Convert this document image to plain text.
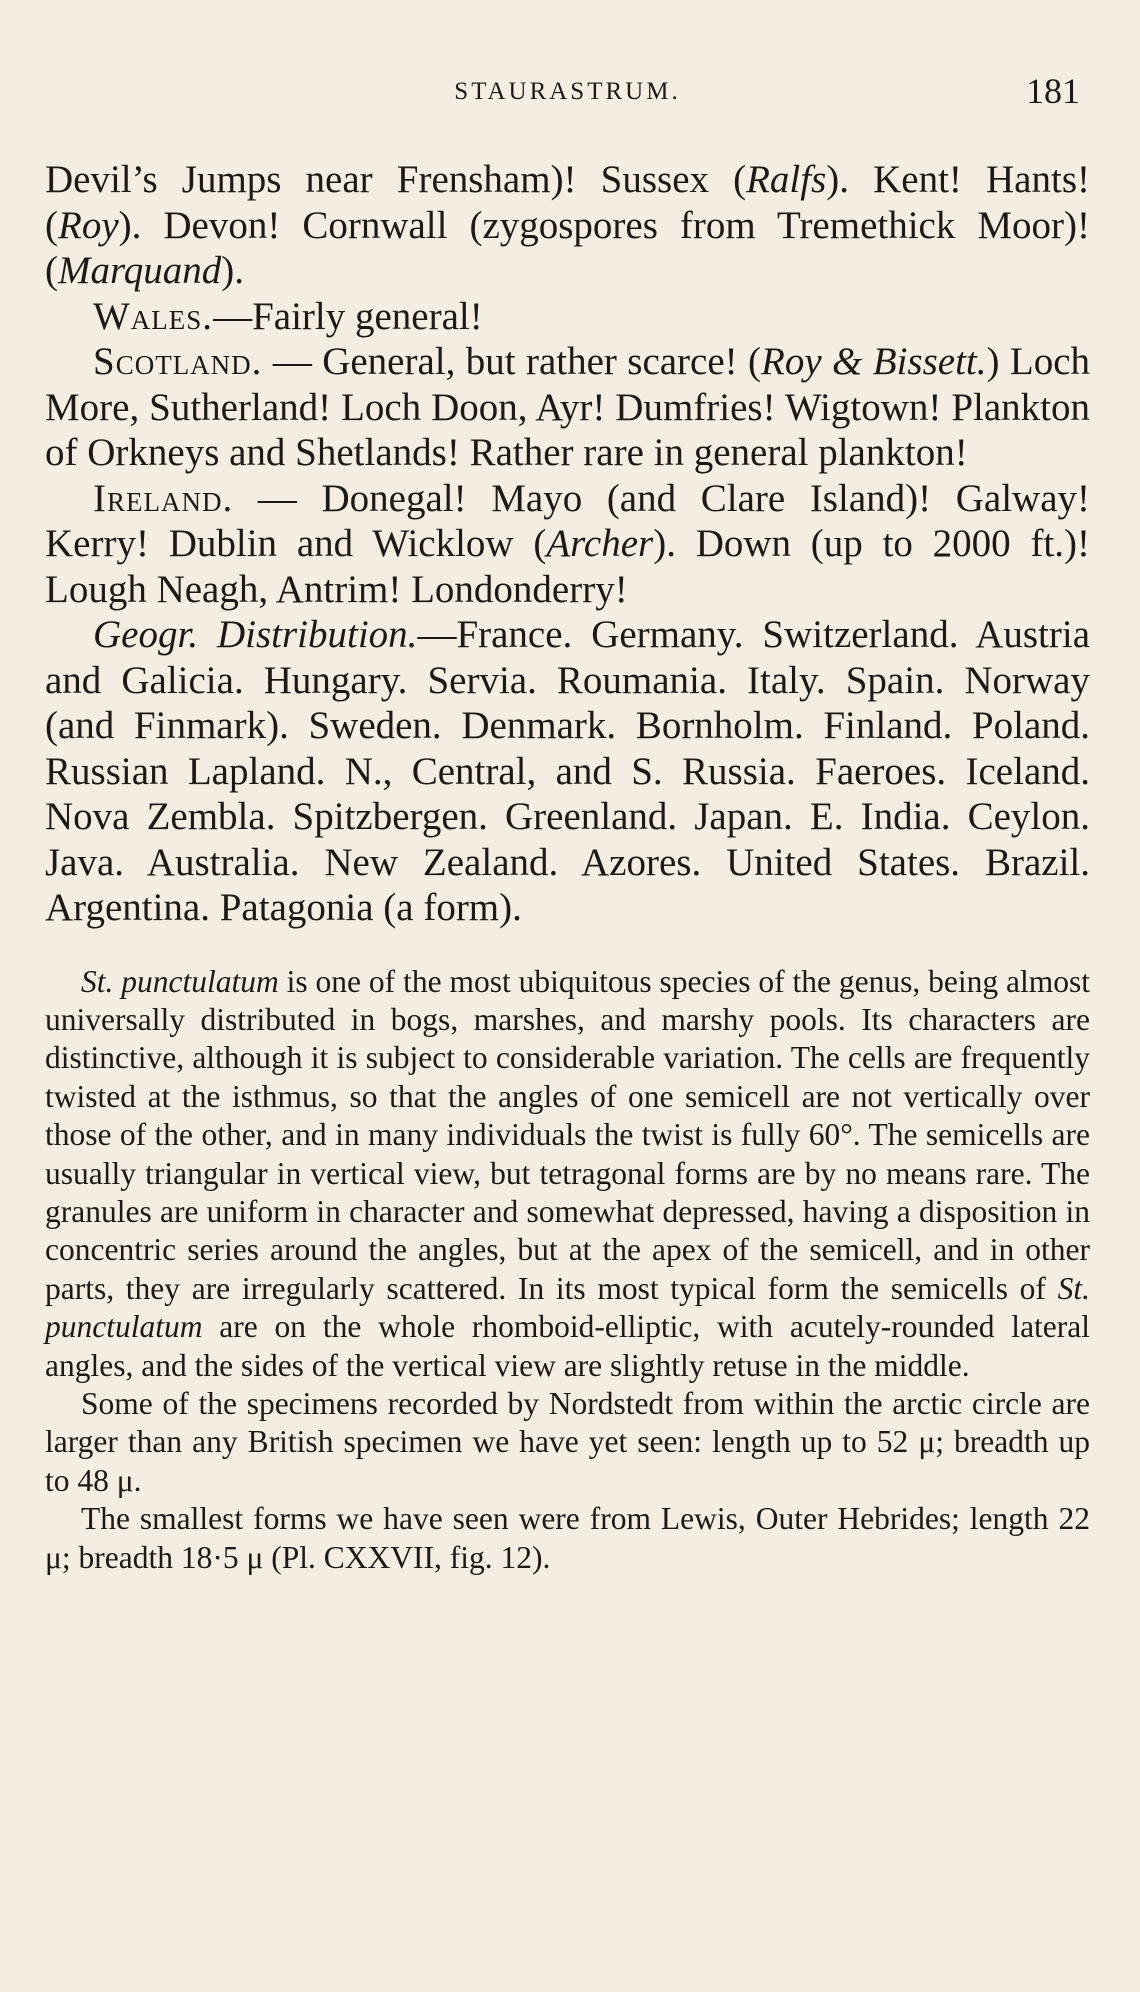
STAURASTRUM.	181

Devil’s Jumps near Frensham)! Sussex (Ralfs). Kent! Hants! (Roy). Devon! Cornwall (zygospores from Tremethick Moor)! (Marquand).

Wales.—Fairly general!

Scotland. — General, but rather scarce! (Roy & Bissett.) Loch More, Sutherland! Loch Doon, Ayr! Dumfries! Wigtown! Plankton of Orkneys and Shetlands! Rather rare in general plankton!

Ireland. — Donegal! Mayo (and Clare Island)! Galway! Kerry! Dublin and Wicklow (Archer). Down (up to 2000 ft.)! Lough Neagh, Antrim! Londonderry!

Geogr. Distribution.—France. Germany. Switzerland. Austria and Galicia. Hungary. Servia. Roumania. Italy. Spain. Norway (and Finmark). Sweden. Denmark. Bornholm. Finland. Poland. Russian Lapland. N., Central, and S. Russia. Faeroes. Iceland. Nova Zembla. Spitzbergen. Greenland. Japan. E. India. Ceylon. Java. Australia. New Zealand. Azores. United States. Brazil. Argentina. Patagonia (a form).

St. punctulatum is one of the most ubiquitous species of the genus, being almost universally distributed in bogs, marshes, and marshy pools. Its characters are distinctive, although it is subject to considerable variation. The cells are frequently twisted at the isthmus, so that the angles of one semicell are not vertically over those of the other, and in many individuals the twist is fully 60°. The semicells are usually triangular in vertical view, but tetragonal forms are by no means rare. The granules are uniform in character and somewhat depressed, having a disposition in concentric series around the angles, but at the apex of the semicell, and in other parts, they are irregularly scattered. In its most typical form the semicells of St. punctulatum are on the whole rhomboid-elliptic, with acutely-rounded lateral angles, and the sides of the vertical view are slightly retuse in the middle.

Some of the specimens recorded by Nordstedt from within the arctic circle are larger than any British specimen we have yet seen: length up to 52 μ; breadth up to 48 μ.

The smallest forms we have seen were from Lewis, Outer Hebrides; length 22 μ; breadth 18·5 μ (Pl. CXXVII, fig. 12).
